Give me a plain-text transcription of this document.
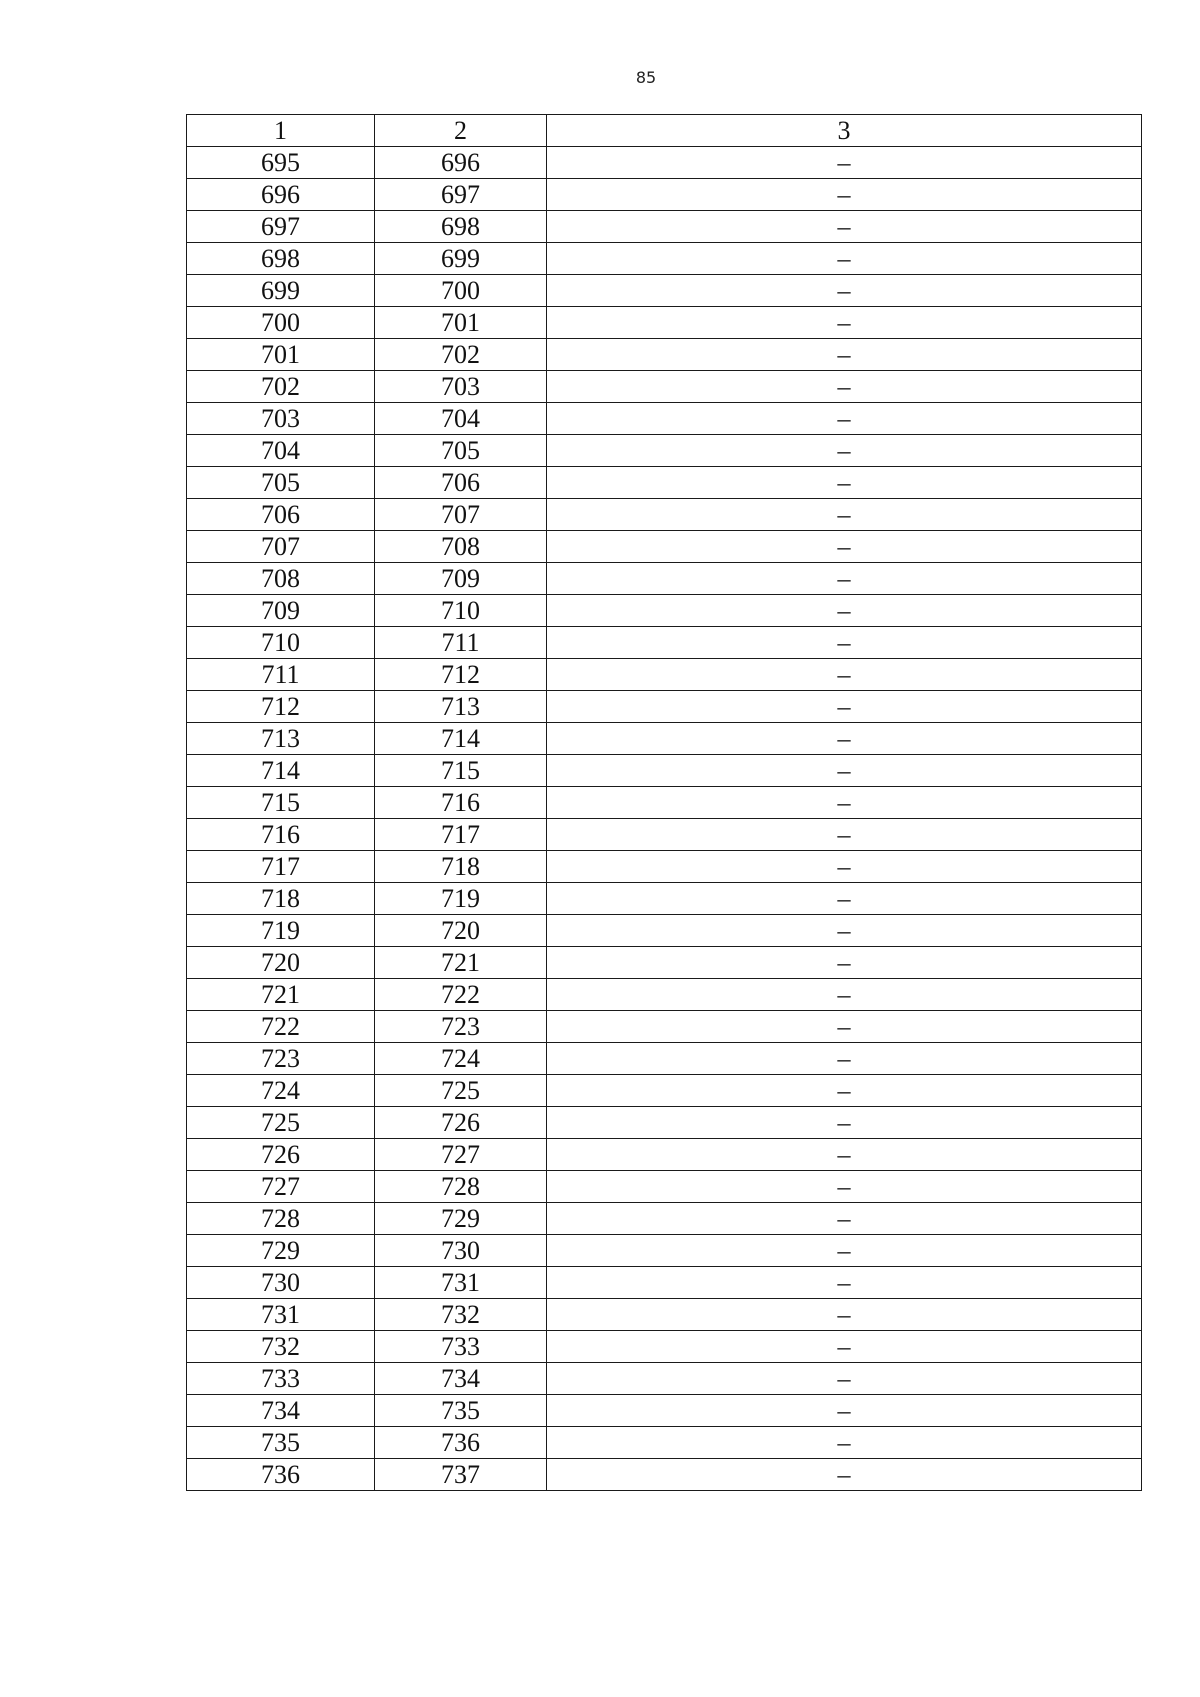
85
1	2	3
695	696	–
696	697	–
697	698	–
698	699	–
699	700	–
700	701	–
701	702	–
702	703	–
703	704	–
704	705	–
705	706	–
706	707	–
707	708	–
708	709	–
709	710	–
710	711	–
711	712	–
712	713	–
713	714	–
714	715	–
715	716	–
716	717	–
717	718	–
718	719	–
719	720	–
720	721	–
721	722	–
722	723	–
723	724	–
724	725	–
725	726	–
726	727	–
727	728	–
728	729	–
729	730	–
730	731	–
731	732	–
732	733	–
733	734	–
734	735	–
735	736	–
736	737	–
